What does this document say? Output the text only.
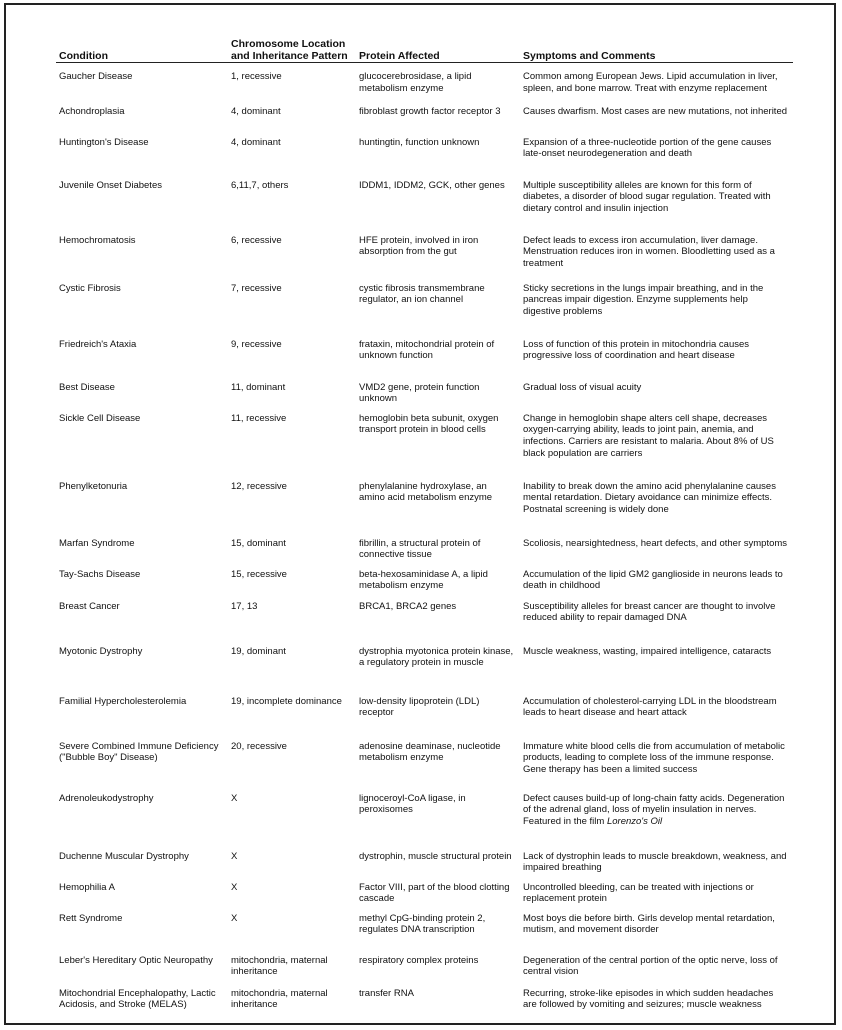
Condition	Chromosome Location and Inheritance Pattern	Protein Affected	Symptoms and Comments
Gaucher Disease	1, recessive	glucocerebrosidase, a lipid metabolism enzyme	Common among European Jews. Lipid accumulation in liver, spleen, and bone marrow. Treat with enzyme replacement
Achondroplasia	4, dominant	fibroblast growth factor receptor 3	Causes dwarfism. Most cases are new mutations, not inherited
Huntington's Disease	4, dominant	huntingtin, function unknown	Expansion of a three-nucleotide portion of the gene causes late-onset neurodegeneration and death
Juvenile Onset Diabetes	6,11,7, others	IDDM1, IDDM2, GCK, other genes	Multiple susceptibility alleles are known for this form of diabetes, a disorder of blood sugar regulation. Treated with dietary control and insulin injection
Hemochromatosis	6, recessive	HFE protein, involved in iron absorption from the gut	Defect leads to excess iron accumulation, liver damage. Menstruation reduces iron in women. Bloodletting used as a treatment
Cystic Fibrosis	7, recessive	cystic fibrosis transmembrane regulator, an ion channel	Sticky secretions in the lungs impair breathing, and in the pancreas impair digestion. Enzyme supplements help digestive problems
Friedreich's Ataxia	9, recessive	frataxin, mitochondrial protein of unknown function	Loss of function of this protein in mitochondria causes progressive loss of coordination and heart disease
Best Disease	11, dominant	VMD2 gene, protein function unknown	Gradual loss of visual acuity
Sickle Cell Disease	11, recessive	hemoglobin beta subunit, oxygen transport protein in blood cells	Change in hemoglobin shape alters cell shape, decreases oxygen-carrying ability, leads to joint pain, anemia, and infections. Carriers are resistant to malaria. About 8% of US black population are carriers
Phenylketonuria	12, recessive	phenylalanine hydroxylase, an amino acid metabolism enzyme	Inability to break down the amino acid phenylalanine causes mental retardation. Dietary avoidance can minimize effects. Postnatal screening is widely done
Marfan Syndrome	15, dominant	fibrillin, a structural protein of connective tissue	Scoliosis, nearsightedness, heart defects, and other symptoms
Tay-Sachs Disease	15, recessive	beta-hexosaminidase A, a lipid metabolism enzyme	Accumulation of the lipid GM2 ganglioside in neurons leads to death in childhood
Breast Cancer	17, 13	BRCA1, BRCA2 genes	Susceptibility alleles for breast cancer are thought to involve reduced ability to repair damaged DNA
Myotonic Dystrophy	19, dominant	dystrophia myotonica protein kinase, a regulatory protein in muscle	Muscle weakness, wasting, impaired intelligence, cataracts
Familial Hypercholesterolemia	19, incomplete dominance	low-density lipoprotein (LDL) receptor	Accumulation of cholesterol-carrying LDL in the bloodstream leads to heart disease and heart attack
Severe Combined Immune Deficiency ("Bubble Boy" Disease)	20, recessive	adenosine deaminase, nucleotide metabolism enzyme	Immature white blood cells die from accumulation of metabolic products, leading to complete loss of the immune response. Gene therapy has been a limited success
Adrenoleukodystrophy	X	lignoceroyl-CoA ligase, in peroxisomes	Defect causes build-up of long-chain fatty acids. Degeneration of the adrenal gland, loss of myelin insulation in nerves. Featured in the film Lorenzo's Oil
Duchenne Muscular Dystrophy	X	dystrophin, muscle structural protein	Lack of dystrophin leads to muscle breakdown, weakness, and impaired breathing
Hemophilia A	X	Factor VIII, part of the blood clotting cascade	Uncontrolled bleeding, can be treated with injections or replacement protein
Rett Syndrome	X	methyl CpG-binding protein 2, regulates DNA transcription	Most boys die before birth. Girls develop mental retardation, mutism, and movement disorder
Leber's Hereditary Optic Neuropathy	mitochondria, maternal inheritance	respiratory complex proteins	Degeneration of the central portion of the optic nerve, loss of central vision
Mitochondrial Encephalopathy, Lactic Acidosis, and Stroke (MELAS)	mitochondria, maternal inheritance	transfer RNA	Recurring, stroke-like episodes in which sudden headaches are followed by vomiting and seizures; muscle weakness
